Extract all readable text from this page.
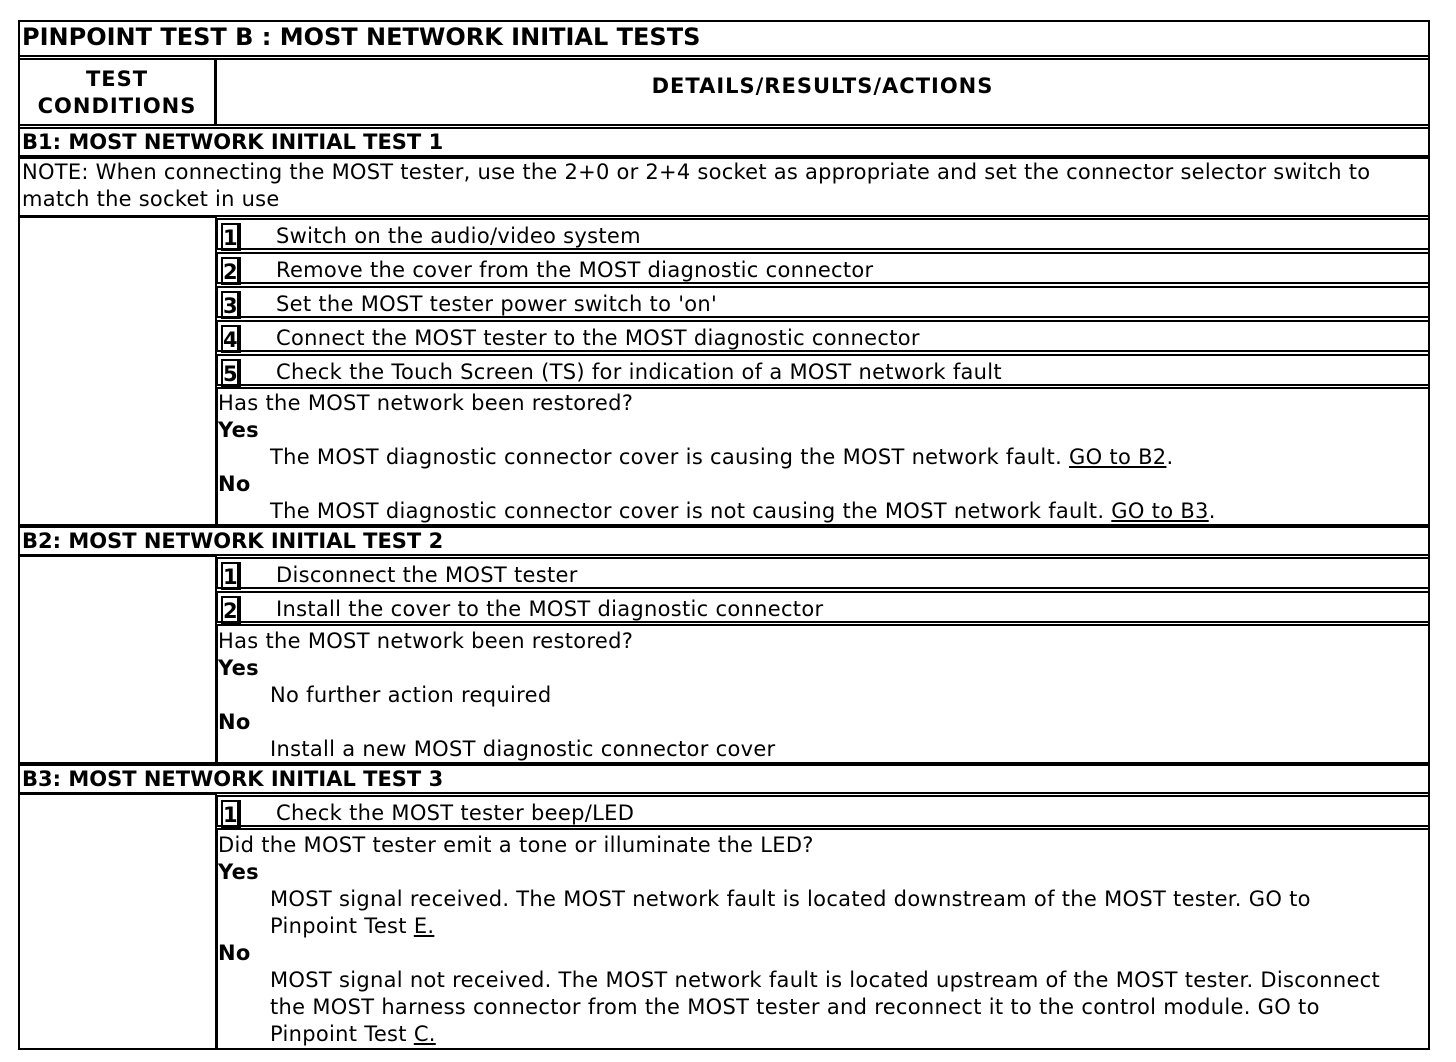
PINPOINT TEST B : MOST NETWORK INITIAL TESTS
TEST
CONDITIONS
DETAILS/RESULTS/ACTIONS
B1: MOST NETWORK INITIAL TEST 1
NOTE: When connecting the MOST tester, use the 2+0 or 2+4 socket as appropriate and set the connector selector switch to
match the socket in use
1 Switch on the audio/video system
2 Remove the cover from the MOST diagnostic connector
3 Set the MOST tester power switch to 'on'
4 Connect the MOST tester to the MOST diagnostic connector
5 Check the Touch Screen (TS) for indication of a MOST network fault
Has the MOST network been restored?
Yes
The MOST diagnostic connector cover is causing the MOST network fault. GO to B2.
No
The MOST diagnostic connector cover is not causing the MOST network fault. GO to B3.
B2: MOST NETWORK INITIAL TEST 2
1 Disconnect the MOST tester
2 Install the cover to the MOST diagnostic connector
Has the MOST network been restored?
Yes
No further action required
No
Install a new MOST diagnostic connector cover
B3: MOST NETWORK INITIAL TEST 3
1 Check the MOST tester beep/LED
Did the MOST tester emit a tone or illuminate the LED?
Yes
MOST signal received. The MOST network fault is located downstream of the MOST tester. GO to
Pinpoint Test E.
No
MOST signal not received. The MOST network fault is located upstream of the MOST tester. Disconnect
the MOST harness connector from the MOST tester and reconnect it to the control module. GO to
Pinpoint Test C.
